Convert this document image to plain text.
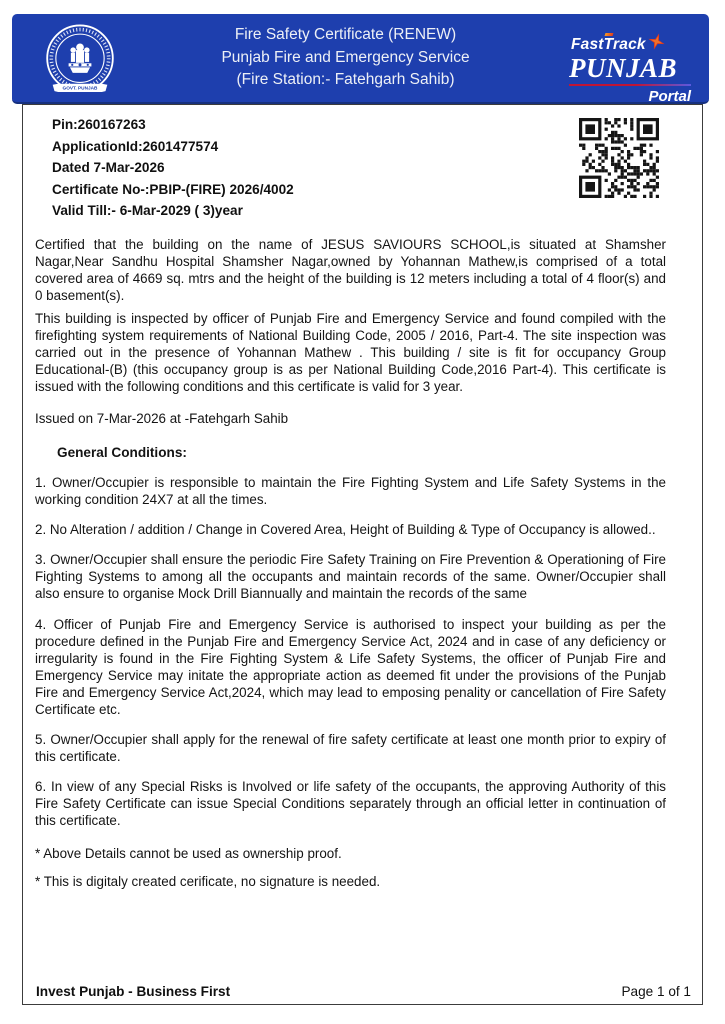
Pin:260167263
ApplicationId:2601477574
Dated 7-Mar-2026
Certificate No-:PBIP-(FIRE) 2026/4002
Valid Till:- 6-Mar-2029 ( 3)year

Certified that the building on the name of JESUS SAVIOURS SCHOOL,is situated at Shamsher Nagar,Near Sandhu Hospital Shamsher Nagar,owned by Yohannan Mathew,is comprised of a total covered area of 4669 sq. mtrs and the height of the building is 12 meters including a total of 4 floor(s) and 0 basement(s).

This building is inspected by officer of Punjab Fire and Emergency Service and found compiled with the firefighting system requirements of National Building Code, 2005 / 2016, Part-4. The site inspection was carried out in the presence of Yohannan Mathew . This building / site is fit for occupancy Group Educational-(B) (this occupancy group is as per National Building Code,2016 Part-4). This certificate is issued with the following conditions and this certificate is valid for 3 year.

Issued on 7-Mar-2026 at -Fatehgarh Sahib
General Conditions:

1. Owner/Occupier is responsible to maintain the Fire Fighting System and Life Safety Systems in the working condition 24X7 at all the times.

2. No Alteration / addition / Change in Covered Area, Height of Building & Type of Occupancy is allowed..

3. Owner/Occupier shall ensure the periodic Fire Safety Training on Fire Prevention & Operationing of Fire Fighting Systems to among all the occupants and maintain records of the same. Owner/Occupier shall also ensure to organise Mock Drill Biannually and maintain the records of the same

4. Officer of Punjab Fire and Emergency Service is authorised to inspect your building as per the procedure defined in the Punjab Fire and Emergency Service Act, 2024 and in case of any deficiency or irregularity is found in the Fire Fighting System & Life Safety Systems, the officer of Punjab Fire and Emergency Service may initate the appropriate action as deemed fit under the provisions of the Punjab Fire and Emergency Service Act,2024, which may lead to emposing penality or cancellation of Fire Safety Certificate etc.

5. Owner/Occupier shall apply for the renewal of fire safety certificate at least one month prior to expiry of this certificate.

6. In view of any Special Risks is Involved or life safety of the occupants, the approving Authority of this Fire Safety Certificate can issue Special Conditions separately through an official letter in continuation of this certificate.

* Above Details cannot be used as ownership proof.
* This is digitaly created cerificate, no signature is needed.
Invest Punjab - Business First	Page 1 of 1
GOVT. PUNJAB
Fire Safety Certificate (RENEW)
Punjab Fire and Emergency Service
(Fire Station:- Fatehgarh Sahib)
Fast Track
PUNJAB
Portal
